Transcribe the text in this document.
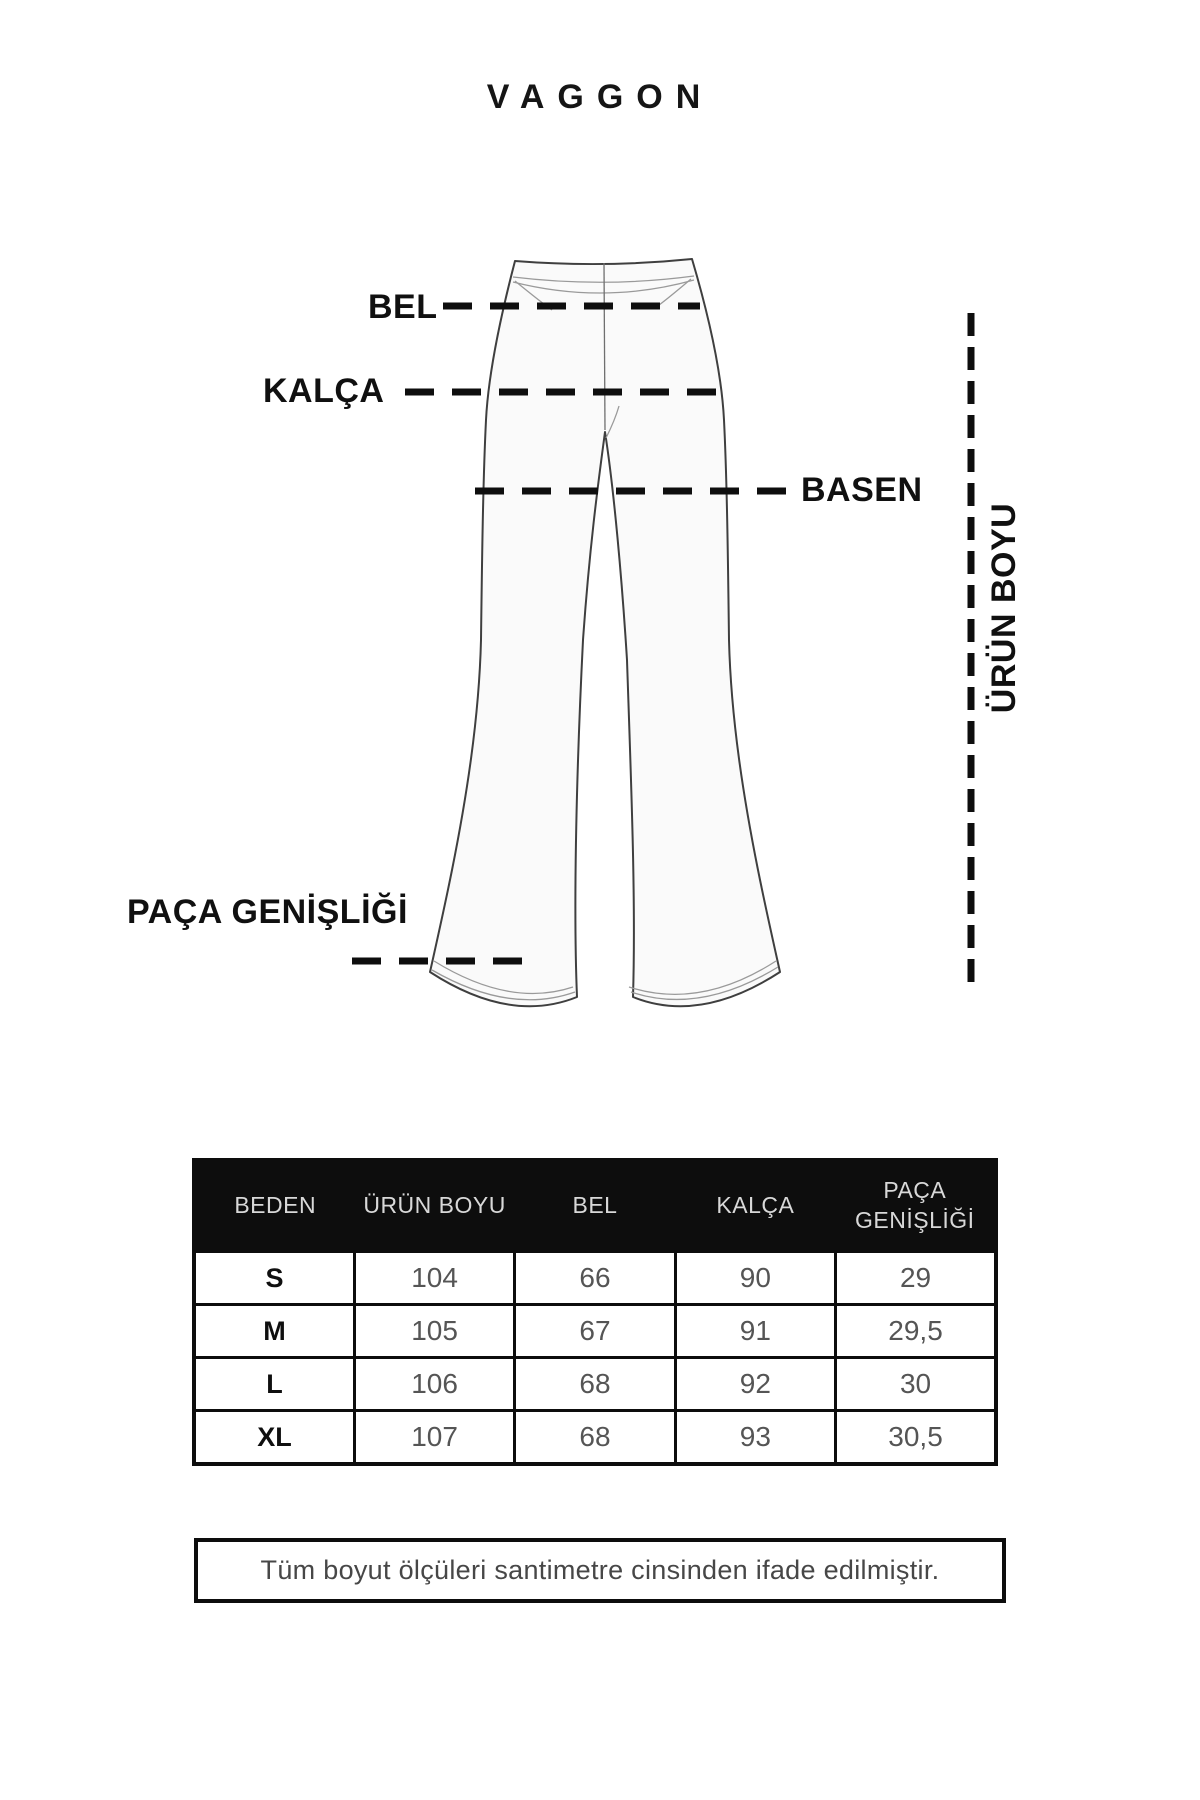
VAGGON
BEL
KALÇA
BASEN
PAÇA GENİŞLİĞİ
ÜRÜN BOYU
BEDEN	ÜRÜN BOYU	BEL	KALÇA	PAÇA GENİŞLİĞİ
S	104	66	90	29
M	105	67	91	29,5
L	106	68	92	30
XL	107	68	93	30,5
Tüm boyut ölçüleri santimetre cinsinden ifade edilmiştir.
